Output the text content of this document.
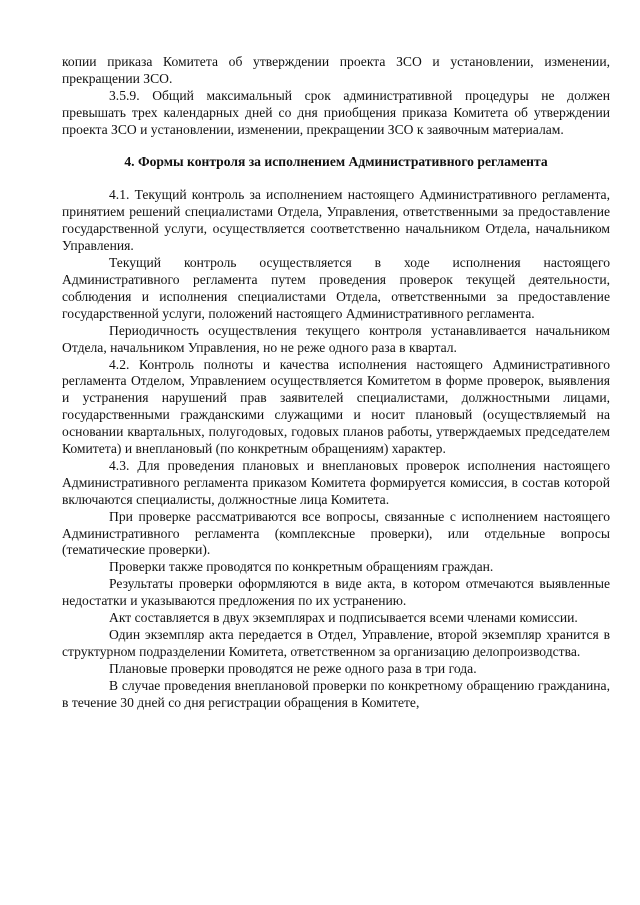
копии приказа Комитета об утверждении проекта ЗСО и установлении, изменении, прекращении ЗСО.

3.5.9. Общий максимальный срок административной процедуры не должен превышать трех календарных дней со дня приобщения приказа Комитета об утверждении проекта ЗСО и установлении, изменении, прекращении ЗСО к заявочным материалам.

4. Формы контроля за исполнением Административного регламента

4.1. Текущий контроль за исполнением настоящего Административного регламента, принятием решений специалистами Отдела, Управления, ответственными за предоставление государственной услуги, осуществляется соответственно начальником Отдела, начальником Управления.

Текущий контроль осуществляется в ходе исполнения настоящего Административного регламента путем проведения проверок текущей деятельности, соблюдения и исполнения специалистами Отдела, ответственными за предоставление государственной услуги, положений настоящего Административного регламента.

Периодичность осуществления текущего контроля устанавливается начальником Отдела, начальником Управления, но не реже одного раза в квартал.

4.2. Контроль полноты и качества исполнения настоящего Административного регламента Отделом, Управлением осуществляется Комитетом в форме проверок, выявления и устранения нарушений прав заявителей специалистами, должностными лицами, государственными гражданскими служащими и носит плановый (осуществляемый на основании квартальных, полугодовых, годовых планов работы, утверждаемых председателем Комитета) и внеплановый (по конкретным обращениям) характер.

4.3. Для проведения плановых и внеплановых проверок исполнения настоящего Административного регламента приказом Комитета формируется комиссия, в состав которой включаются специалисты, должностные лица Комитета.

При проверке рассматриваются все вопросы, связанные с исполнением настоящего Административного регламента (комплексные проверки), или отдельные вопросы (тематические проверки).

Проверки также проводятся по конкретным обращениям граждан.

Результаты проверки оформляются в виде акта, в котором отмечаются выявленные недостатки и указываются предложения по их устранению.

Акт составляется в двух экземплярах и подписывается всеми членами комиссии.

Один экземпляр акта передается в Отдел, Управление, второй экземпляр хранится в структурном подразделении Комитета, ответственном за организацию делопроизводства.

Плановые проверки проводятся не реже одного раза в три года.

В случае проведения внеплановой проверки по конкретному обращению гражданина, в течение 30 дней со дня регистрации обращения в Комитете,
